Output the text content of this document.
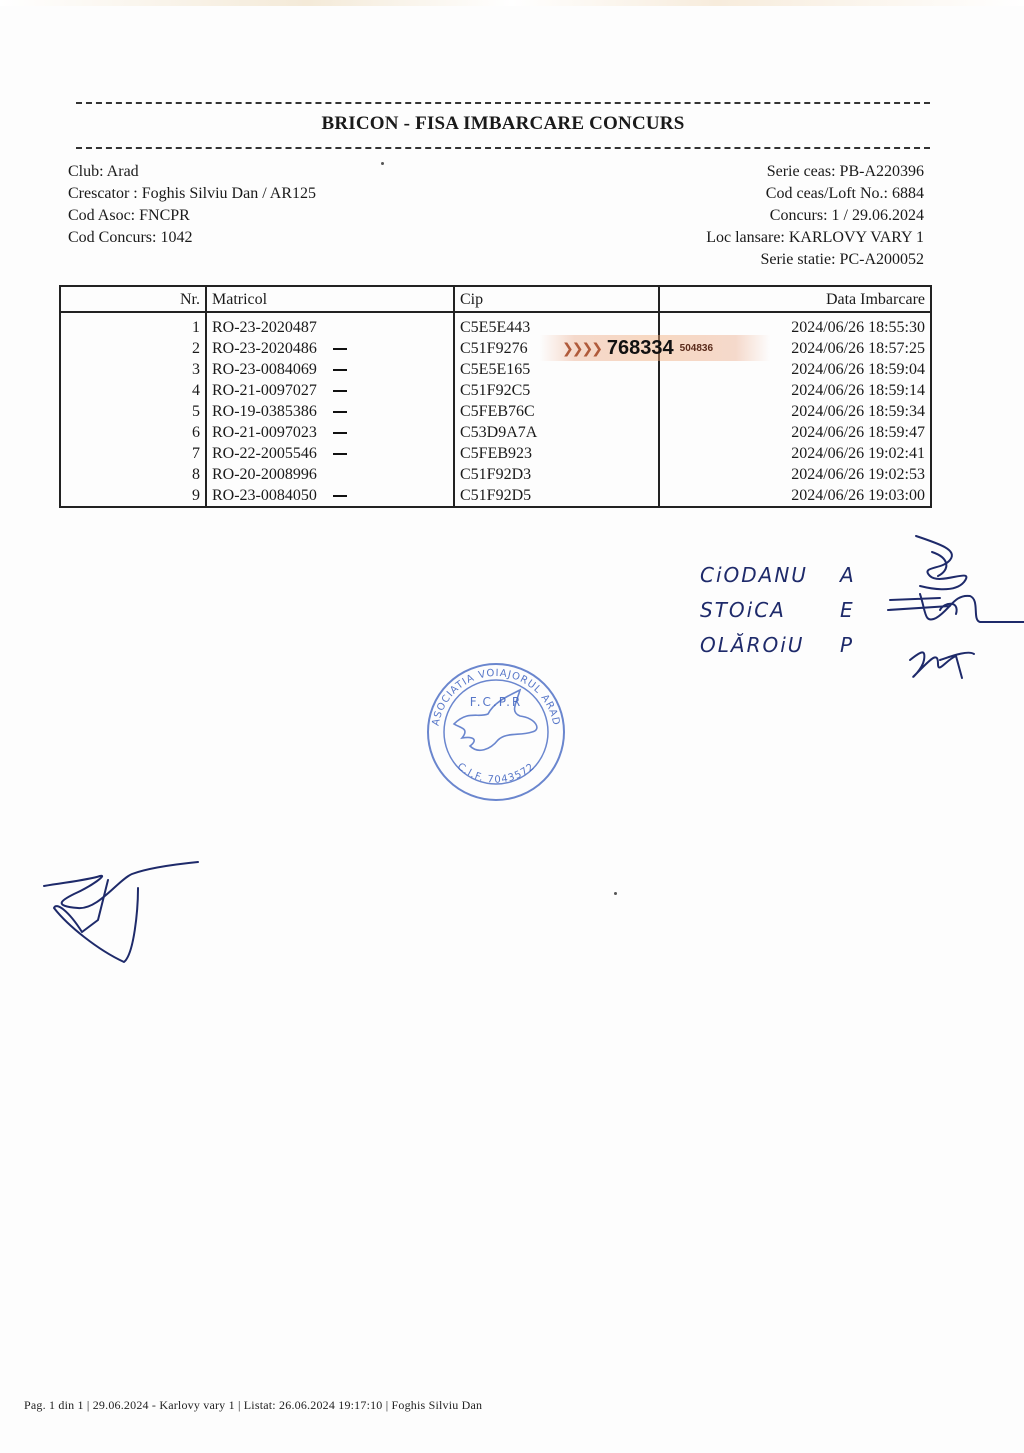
BRICON - FISA IMBARCARE CONCURS
Club: Arad
Crescator : Foghis Silviu Dan / AR125
Cod Asoc: FNCPR
Cod Concurs: 1042
Serie ceas: PB-A220396
Cod ceas/Loft No.: 6884
Concurs: 1 / 29.06.2024
Loc lansare: KARLOVY VARY 1
Serie statie: PC-A200052
Nr.	Matricol	Cip	Data Imbarcare
1	RO-23-2020487	C5E5E443	2024/06/26 18:55:30
2	RO-23-2020486	C51F9276	2024/06/26 18:57:25
3	RO-23-0084069	C5E5E165	2024/06/26 18:59:04
4	RO-21-0097027	C51F92C5	2024/06/26 18:59:14
5	RO-19-0385386	C5FEB76C	2024/06/26 18:59:34
6	RO-21-0097023	C53D9A7A	2024/06/26 18:59:47
7	RO-22-2005546	C5FEB923	2024/06/26 19:02:41
8	RO-20-2008996	C51F92D3	2024/06/26 19:02:53
9	RO-23-0084050	C51F92D5	2024/06/26 19:03:00
❯❯❯❯ 768334 504836
CiODANU	A
STOiCA	E
OLĂROiU	P
ASOCIATIA VOIAJORUL ARAD
F.C.P.R
C.I.F. 7043572
Pag. 1 din 1 | 29.06.2024 - Karlovy vary 1 | Listat: 26.06.2024 19:17:10 | Foghis Silviu Dan
